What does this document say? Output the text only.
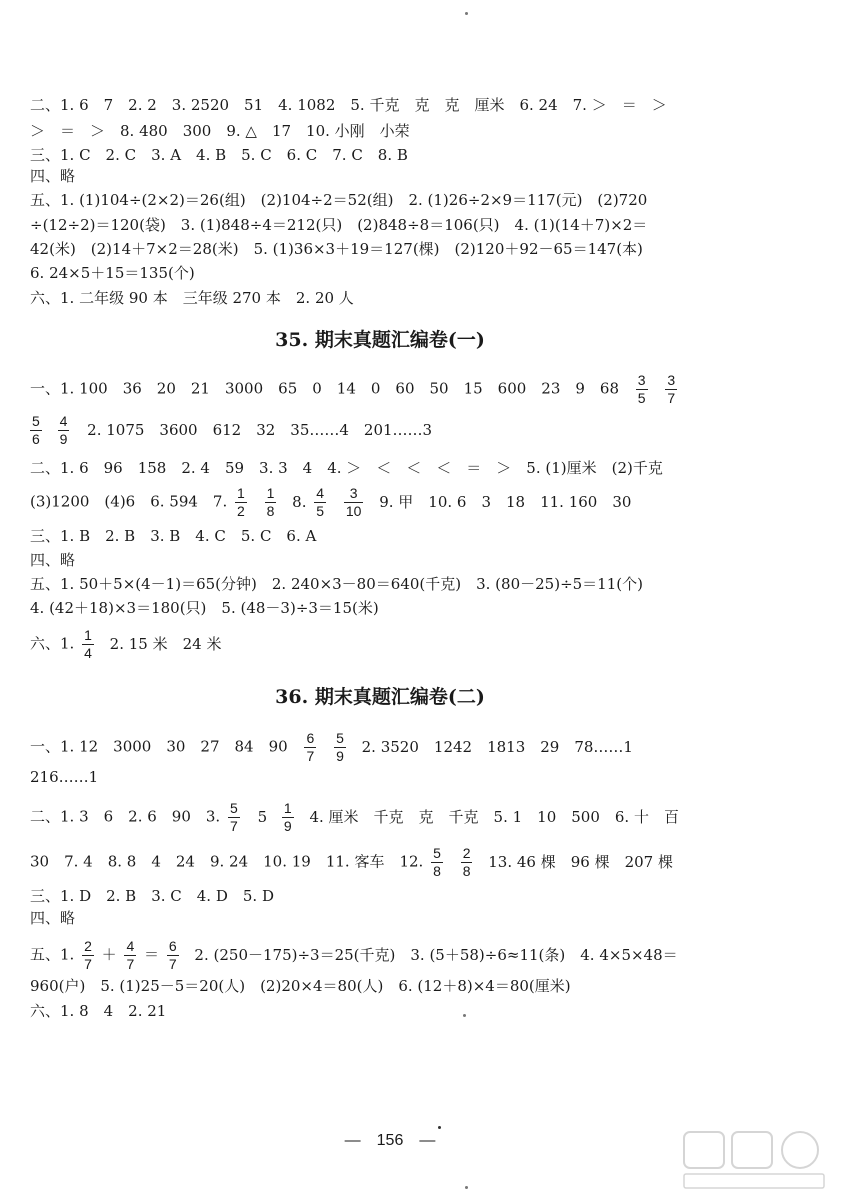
二、1. 6　7　2. 2　3. 2520　51　4. 1082　5. 千克　克　克　厘米　6. 24　7. ＞　＝　＞
＞　＝　＞　8. 480　300　9. △　17　10. 小刚　小荣
三、1. C　2. C　3. A　4. B　5. C　6. C　7. C　8. B
四、略
五、1. (1)104÷(2×2)＝26(组)　(2)104÷2＝52(组)　2. (1)26÷2×9＝117(元)　(2)720
÷(12÷2)＝120(袋)　3. (1)848÷4＝212(只)　(2)848÷8＝106(只)　4. (1)(14＋7)×2＝
42(米)　(2)14＋7×2＝28(米)　5. (1)36×3＋19＝127(棵)　(2)120＋92－65＝147(本)
6. 24×5＋15＝135(个)
六、1. 二年级 90 本　三年级 270 本　2. 20 人
35. 期末真题汇编卷(一)
一、1. 100　36　20　21　3000　65　0　14　0　60　50　15　600　23　9　$68 \frac{3}{5}$
$\frac{3}{7}$
$\frac{5}{6}$
$\frac{4}{9} 2$. 1075　3600　612　32　35……4　201……3
二、1. 6　96　158　2. 4　59　3. 3　4　4. ＞　＜　＜　＜　＝　＞　5. (1)厘米　(2)千克
(3)1200　(4)6　6. 594　7. $\frac{1}{2}$
$\frac{1}{8} 8$. $\frac{4}{5}$
$\frac{3}{10} 9$. 甲　10. 6　3　18　11. 160　30
三、1. B　2. B　3. B　4. C　5. C　6. A
四、略
五、1. 50＋5×(4－1)＝65(分钟)　2. 240×3－80＝640(千克)　3. (80－25)÷5＝11(个)
4. (42＋18)×3＝180(只)　5. (48－3)÷3＝15(米)
六、1. $\frac{1}{4} 2$. 15 米　24 米
36. 期末真题汇编卷(二)
一、1. 12　3000　30　27　84　$90 \frac{6}{7}$
$\frac{5}{9} 2$. 3520　1242　1813　29　78……1
216……1
二、1. 3　6　2. 6　90　3. $\frac{5}{7} 5 \frac{1}{9} 4$. 厘米　千克　克　千克　5. 1　10　500　6. 十　百
30　7. 4　8. 8　4　24　9. 24　10. 19　11. 客车　12. $\frac{5}{8}$
$\frac{2}{8} 13$. 46 棵　96 棵　207 棵
三、1. D　2. B　3. C　4. D　5. D
四、略
五、1. $\frac{2}{7} + \frac{4}{7} = \frac{6}{7} 2$. (250－175)÷3＝25(千克)　3. (5＋58)÷6≈11(条)　4. 4×5×48＝
960(户)　5. (1)25－5＝20(人)　(2)20×4＝80(人)　6. (12＋8)×4＝80(厘米)
六、1. 8　4　2. 21
—　156　—
